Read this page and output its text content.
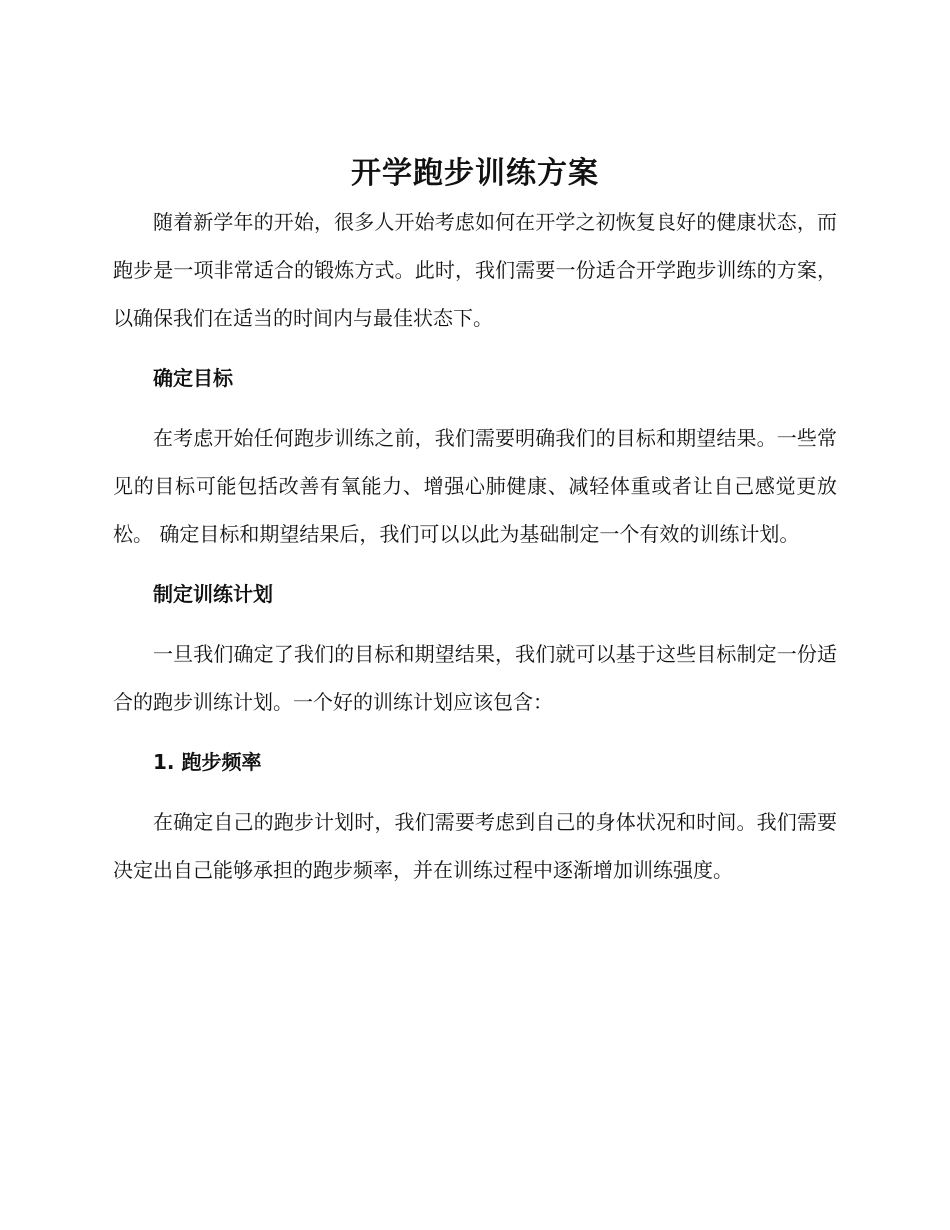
开学跑步训练方案

随着新学年的开始，很多人开始考虑如何在开学之初恢复良好的健康状态，而跑步是一项非常适合的锻炼方式。此时，我们需要一份适合开学跑步训练的方案，以确保我们在适当的时间内与最佳状态下。

确定目标

在考虑开始任何跑步训练之前，我们需要明确我们的目标和期望结果。一些常见的目标可能包括改善有氧能力、增强心肺健康、减轻体重或者让自己感觉更放松。 确定目标和期望结果后，我们可以以此为基础制定一个有效的训练计划。

制定训练计划

一旦我们确定了我们的目标和期望结果，我们就可以基于这些目标制定一份适合的跑步训练计划。一个好的训练计划应该包含：

1. 跑步频率

在确定自己的跑步计划时，我们需要考虑到自己的身体状况和时间。我们需要决定出自己能够承担的跑步频率，并在训练过程中逐渐增加训练强度。
